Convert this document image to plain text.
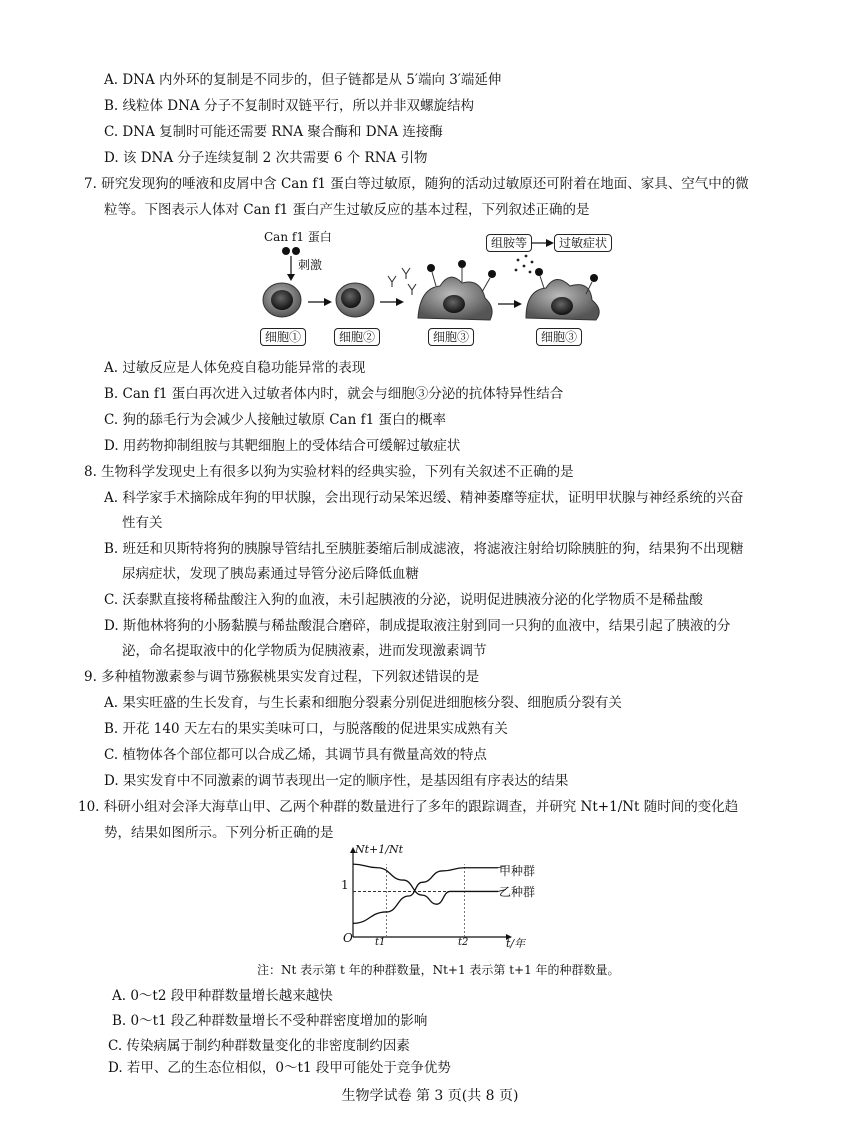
A. DNA 内外环的复制是不同步的，但子链都是从 5′端向 3′端延伸
B. 线粒体 DNA 分子不复制时双链平行，所以并非双螺旋结构
C. DNA 复制时可能还需要 RNA 聚合酶和 DNA 连接酶
D. 该 DNA 分子连续复制 2 次共需要 6 个 RNA 引物
7. 研究发现狗的唾液和皮屑中含 Can f1 蛋白等过敏原，随狗的活动过敏原还可附着在地面、家具、空气中的微
粒等。下图表示人体对 Can f1 蛋白产生过敏反应的基本过程，下列叙述正确的是
组胺等	过敏症状
Can f1 蛋白
刺激
细胞①	细胞②	细胞③	细胞③
A. 过敏反应是人体免疫自稳功能异常的表现
B. Can f1 蛋白再次进入过敏者体内时，就会与细胞③分泌的抗体特异性结合
C. 狗的舔毛行为会减少人接触过敏原 Can f1 蛋白的概率
D. 用药物抑制组胺与其靶细胞上的受体结合可缓解过敏症状
8. 生物科学发现史上有很多以狗为实验材料的经典实验，下列有关叙述不正确的是
A. 科学家手术摘除成年狗的甲状腺，会出现行动呆笨迟缓、精神萎靡等症状，证明甲状腺与神经系统的兴奋
性有关
B. 班廷和贝斯特将狗的胰腺导管结扎至胰脏萎缩后制成滤液，将滤液注射给切除胰脏的狗，结果狗不出现糖
尿病症状，发现了胰岛素通过导管分泌后降低血糖
C. 沃泰默直接将稀盐酸注入狗的血液，未引起胰液的分泌，说明促进胰液分泌的化学物质不是稀盐酸
D. 斯他林将狗的小肠黏膜与稀盐酸混合磨碎，制成提取液注射到同一只狗的血液中，结果引起了胰液的分
泌，命名提取液中的化学物质为促胰液素，进而发现激素调节
9. 多种植物激素参与调节猕猴桃果实发育过程，下列叙述错误的是
A. 果实旺盛的生长发育，与生长素和细胞分裂素分别促进细胞核分裂、细胞质分裂有关
B. 开花 140 天左右的果实美味可口，与脱落酸的促进果实成熟有关
C. 植物体各个部位都可以合成乙烯，其调节具有微量高效的特点
D. 果实发育中不同激素的调节表现出一定的顺序性，是基因组有序表达的结果
10. 科研小组对会泽大海草山甲、乙两个种群的数量进行了多年的跟踪调查，并研究 Nt+1/Nt 随时间的变化趋
势，结果如图所示。下列分析正确的是
Nt+1/Nt
t/年
O
1
t1	t2
甲种群
乙种群
注：Nt 表示第 t 年的种群数量，Nt+1 表示第 t+1 年的种群数量。
A. 0～t2 段甲种群数量增长越来越快
B. 0～t1 段乙种群数量增长不受种群密度增加的影响
C. 传染病属于制约种群数量变化的非密度制约因素
D. 若甲、乙的生态位相似，0～t1 段甲可能处于竞争优势
生物学试卷 第 3 页(共 8 页)
